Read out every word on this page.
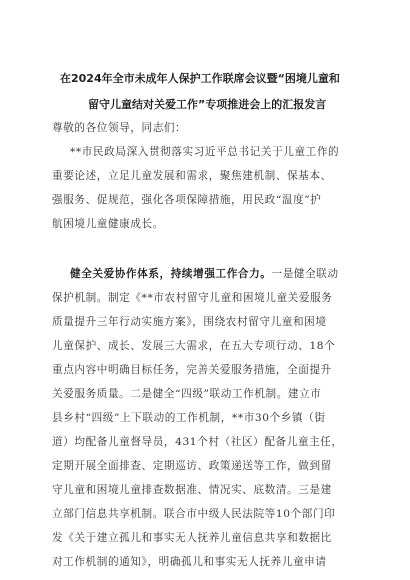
在2024年全市未成年人保护工作联席会议暨“困境儿童和
留守儿童结对关爱工作”专项推进会上的汇报发言
尊敬的各位领导，同志们：
**市民政局深入贯彻落实习近平总书记关于儿童工作的
重要论述，立足儿童发展和需求，聚焦建机制、保基本、
强服务、促规范，强化各项保障措施，用民政“温度”护
航困境儿童健康成长。
健全关爱协作体系，持续增强工作合力。一是健全联动
保护机制。制定《**市农村留守儿童和困境儿童关爱服务
质量提升三年行动实施方案》，围绕农村留守儿童和困境
儿童保护、成长、发展三大需求，在五大专项行动、18个
重点内容中明确目标任务，完善关爱服务措施，全面提升
关爱服务质量。二是健全“四级”联动工作机制。建立市
县乡村“四级”上下联动的工作机制，**市30个乡镇（街
道）均配备儿童督导员，431个村（社区）配备儿童主任，
定期开展全面排查、定期巡访、政策递送等工作，做到留
守儿童和困境儿童排查数据准、情况实、底数清。三是建
立部门信息共享机制。联合市中级人民法院等10个部门印
发《关于建立孤儿和事实无人抚养儿童信息共享和数据比
对工作机制的通知》，明确孤儿和事实无人抚养儿童申请
